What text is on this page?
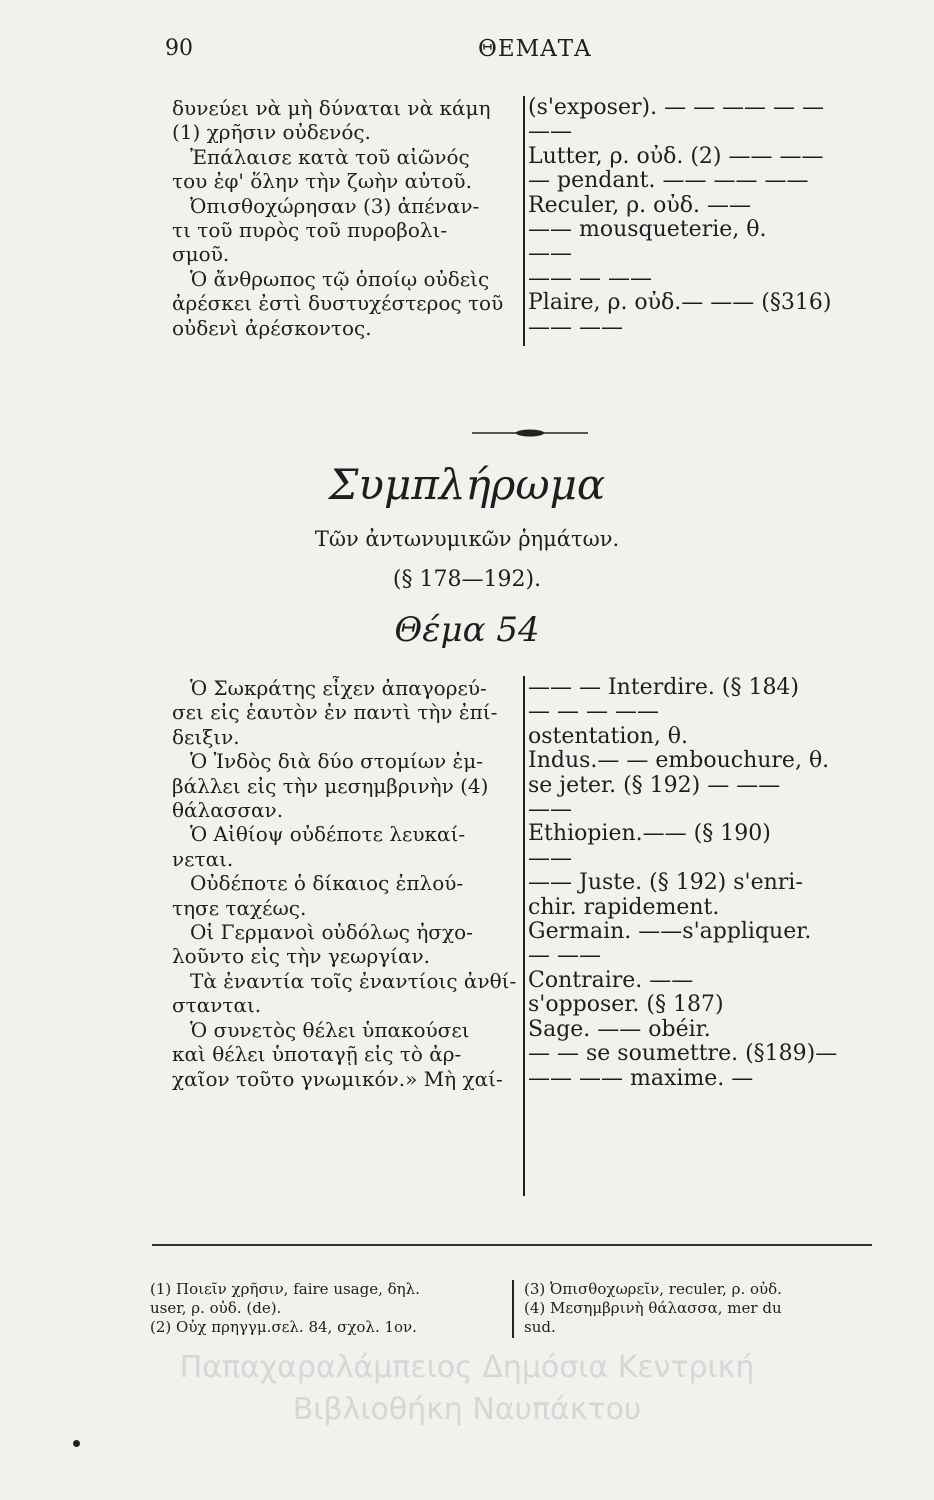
90	ΘΕΜΑΤΑ
δυνεύει νὰ μὴ δύναται νὰ κάμη
(1) χρῆσιν οὐδενός.
Ἐπάλαισε κατὰ τοῦ αἰῶνός
του ἐφ' ὅλην τὴν ζωὴν αὐτοῦ.
Ὀπισθοχώρησαν (3) ἀπέναν-
τι τοῦ πυρὸς τοῦ πυροβολι-
σμοῦ.
Ὁ ἄνθρωπος τῷ ὁποίῳ οὐδεὶς
ἀρέσκει ἐστὶ δυστυχέστερος τοῦ
οὐδενὶ ἀρέσκοντος.
(s'exposer). — — —— — —
——
Lutter, ρ. οὐδ. (2) —— ——
— pendant. —— —— ——
Reculer, ρ. οὐδ. ——
—— mousqueterie, θ.
——
—— — ——
Plaire, ρ. οὐδ.— —— (§316)
—— ——
Συμπλήρωμα
Τῶν ἀντωνυμικῶν ῥημάτων.
(§ 178—192).
Θέμα 54
Ὁ Σωκράτης εἶχεν ἀπαγορεύ-
σει εἰς ἑαυτὸν ἐν παντὶ τὴν ἐπί-
δειξιν.
Ὁ Ἰνδὸς διὰ δύο στομίων ἐμ-
βάλλει εἰς τὴν μεσημβρινὴν (4)
θάλασσαν.
Ὁ Αἰθίοψ οὐδέποτε λευκαί-
νεται.
Οὐδέποτε ὁ δίκαιος ἐπλού-
τησε ταχέως.
Οἱ Γερμανοὶ οὐδόλως ἠσχο-
λοῦντο εἰς τὴν γεωργίαν.
Τὰ ἐναντία τοῖς ἐναντίοις ἀνθί-
στανται.
Ὁ συνετὸς θέλει ὑπακούσει
καὶ θέλει ὑποταγῇ εἰς τὸ ἀρ-
χαῖον τοῦτο γνωμικόν.» Μὴ χαί-
—— — Interdire. (§ 184)
— — — ——
ostentation, θ.
Indus.— — embouchure, θ.
se jeter. (§ 192) — ——
——
Éthiopien.—— (§ 190)
——
—— Juste. (§ 192) s'enri-
chir. rapidement.
Germain. ——s'appliquer.
— ——
Contraire. ——
s'opposer. (§ 187)
Sage. —— obéir.
— — se soumettre. (§189)—
—— —— maxime. —
(1) Ποιεῖν χρῆσιν, faire usage, δηλ.
user, ρ. οὐδ. (de).
(2) Οὐχ πρηγγμ.σελ. 84, σχολ. 1ον.
(3) Ὀπισθοχωρεῖν, reculer, ρ. οὐδ.
(4) Μεσημβρινὴ θάλασσα, mer du
sud.
Παπαχαραλάμπειος Δημόσια Κεντρική
Βιβλιοθήκη Ναυπάκτου
